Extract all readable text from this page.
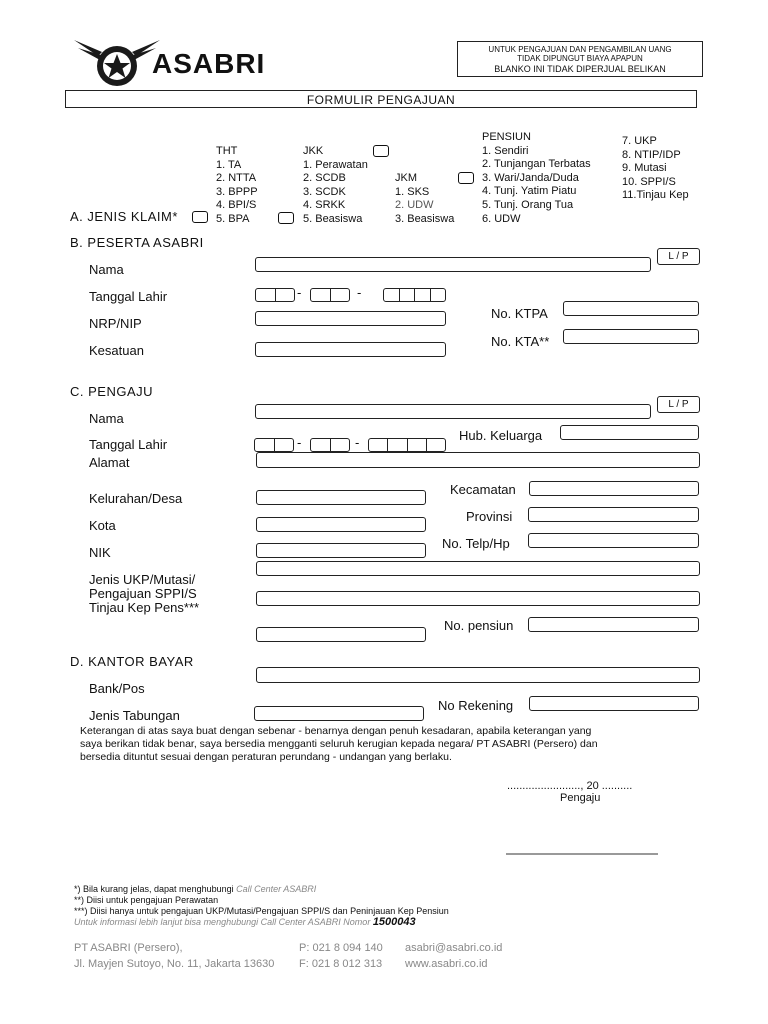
ASABRI	UNTUK PENGAJUAN DAN PENGAMBILAN UANG
TIDAK DIPUNGUT BIAYA APAPUN
BLANKO INI TIDAK DIPERJUAL BELIKAN
FORMULIR PENGAJUAN
A. JENIS KLAIM*
THT
1. TA
2. NTTA
3. BPPP
4. BPI/S
5. BPA
JKK
1. Perawatan
2. SCDB
3. SCDK
4. SRKK
5. Beasiswa
JKM
1. SKS
2. UDW
3. Beasiswa
PENSIUN
1. Sendiri
2. Tunjangan Terbatas
3. Wari/Janda/Duda
4. Tunj. Yatim Piatu
5. Tunj. Orang Tua
6. UDW
7. UKP
8. NTIP/IDP
9. Mutasi
10. SPPI/S
11.Tinjau Kep
B. PESERTA ASABRI
Nama
L / P
Tanggal Lahir	-	-
No. KTPA
NRP/NIP
No. KTA**
Kesatuan
C. PENGAJU
Nama
L / P
Hub. Keluarga
Tanggal Lahir	-	-
Alamat
Kecamatan
Kelurahan/Desa
Provinsi
Kota
No. Telp/Hp
NIK
Jenis UKP/Mutasi/
Pengajuan SPPI/S
Tinjau Kep Pens***
No. pensiun
D. KANTOR BAYAR
Bank/Pos
No Rekening
Jenis Tabungan
Keterangan di atas saya buat dengan sebenar - benarnya dengan penuh kesadaran, apabila keterangan yang
saya berikan tidak benar, saya bersedia mengganti seluruh kerugian kepada negara/ PT ASABRI (Persero) dan
bersedia dituntut sesuai dengan peraturan perundang - undangan yang berlaku.
........................, 20 ..........
Pengaju
*) Bila kurang jelas, dapat menghubungi Call Center ASABRI
**) Diisi untuk pengajuan Perawatan
***) Diisi hanya untuk pengajuan UKP/Mutasi/Pengajuan SPPI/S dan Peninjauan Kep Pensiun
Untuk informasi lebih lanjut bisa menghubungi Call Center ASABRI Nomor 1500043
PT ASABRI (Persero),
Jl. Mayjen Sutoyo, No. 11, Jakarta 13630
P: 021 8 094 140
F: 021 8 012 313
asabri@asabri.co.id
www.asabri.co.id
